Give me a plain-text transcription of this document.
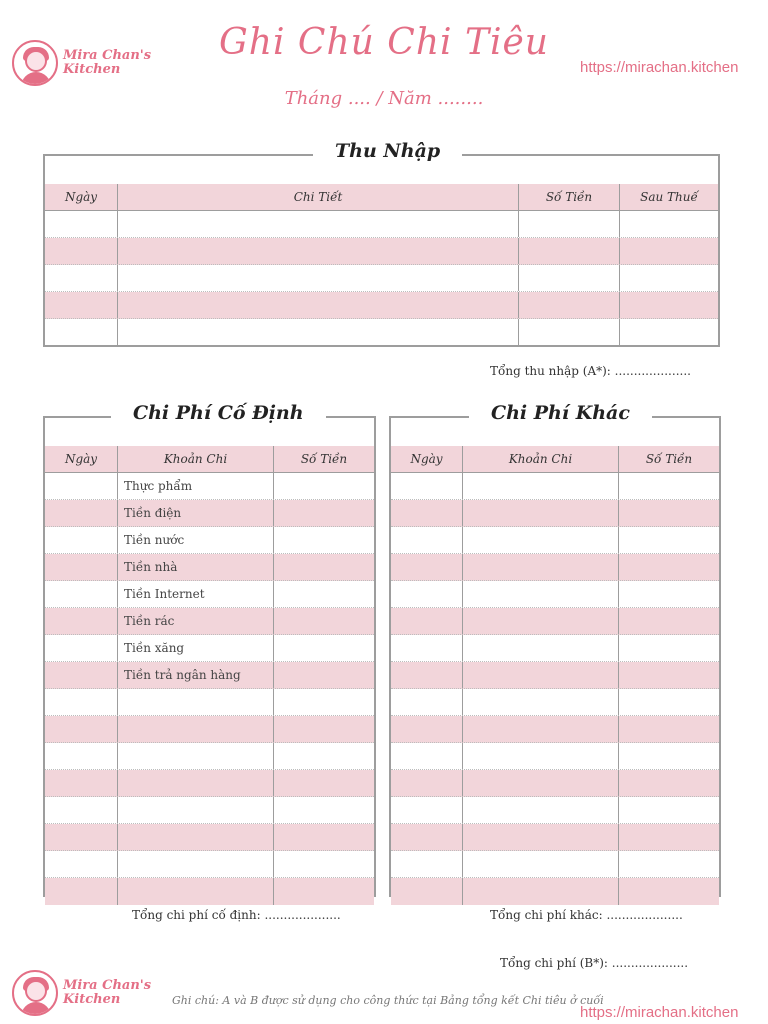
Mira Chan's
Kitchen
Ghi Chú Chi Tiêu
https://mirachan.kitchen
Tháng .... / Năm ........
Thu Nhập
Ngày	Chi Tiết	Số Tiền	Sau Thuế
Tổng thu nhập (A*): ....................
Chi Phí Cố Định
Ngày	Khoản Chi	Số Tiền
Thực phẩm
Tiền điện
Tiền nước
Tiền nhà
Tiền Internet
Tiền rác
Tiền xăng
Tiền trả ngân hàng
Tổng chi phí cố định: ....................
Chi Phí Khác
Ngày	Khoản Chi	Số Tiền
Tổng chi phí khác: ....................
Tổng chi phí (B*): ....................
Mira Chan's
Kitchen	Ghi chú: A và B được sử dụng cho công thức tại Bảng tổng kết Chi tiêu ở cuối
https://mirachan.kitchen
